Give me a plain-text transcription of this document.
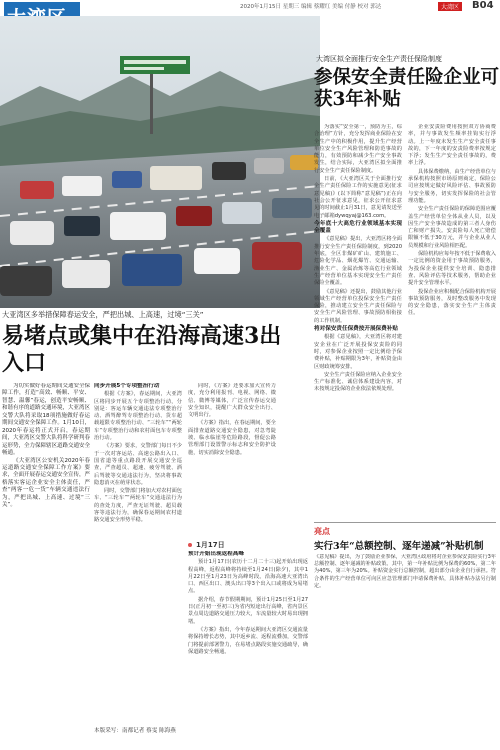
2020年1月15日 星期三 编辑 蔡耀红 美编 付静 校对 郭达	大湾区	B04
大湾区拟全面推行安全生产责任保险制度
参保安全责任险企业可获3年补贴

为落实“安全第一，预防为主，综合治理”方针，充分发挥商业保险在安全生产中的积极作用，提升生产经营单位安全生产风险管理和防范事故的能力，有效预防和减少生产安全事故发生，结合实际，大亚湾区拟全面推行安全生产责任保险制度。

日前，《大亚湾区关于全面推行安全生产责任保险工作的实施意见(征求意见稿)》(以下简称“意见稿”)正在向社会公开征求意见，征求公开征求意见的时间截止1月31日，意见请发送至电子邮箱dywqyaj@163.com。

今年底十大高危行业领域基本实现全覆盖

《意见稿》提出，大亚湾区将全面推行安全生产责任保险制度，到2020年底，全区非煤矿矿山、建筑施工、危险化学品、烟花爆竹、交通运输、渔业生产、金属冶炼等高危行业领域生产经营单位基本实现安全生产责任保险全覆盖。

《意见稿》还提出，鼓励其他行业领域生产经营单位投保安全生产责任保险，推动建立安全生产责任保险与安全生产风险管理、事故预防相衔接的工作机制。

将对保安责任保费按开展保费补贴

根据《意见稿》，大亚湾区将对建安企业在广泛开展投保安责险的同时，对参保企业按照一定比例给予保费补贴，补贴期限为3年，补贴资金由区财政统筹安排。

安全生产责任保险应纳入企业安全生产标准化、诚信体系建设内容，对未按规定投保的企业依法依规处理。

企业安责险费用按照双方协商费率，并与事故发生频率挂钩实行浮动。上一年度未发生生产安全责任事故的，下一年度的安责险费率按规定下浮；发生生产安全责任事故的，费率上浮。

具体保费缴纳，由生产经营单位与承保机构按照市场原则商定，保险公司应按规定做好风险评估、事故预防与安全服务，切实发挥保险的社会管理功能。

安全生产责任保险的保障范围应覆盖生产经营单位全体从业人员，以及因生产安全事故造成的第三者人身伤亡和财产损失。安责险每人死亡赔偿限额不低于30万元，并与企业从业人员规模和行业风险相匹配。

保险机构应每年按不低于保费收入一定比例的资金用于事故预防服务，为投保企业提供安全培训、隐患排查、风险评估等技术服务，帮助企业提升安全管理水平。

投保企业应积极配合保险机构开展事故预防服务，及时整改服务中发现的安全隐患，落实安全生产主体责任。

亮点
实行3年“总额控制、逐年递减”补贴机制
《意见稿》提出，为了鼓励企业参保，大亚湾区政府将对企业参保安责险实行3年总额控制、逐年递减的补贴政策。其中，第一年补贴比例为保费的60%，第二年为40%，第三年为20%。补贴资金实行总额控制，超出部分由企业自行承担。符合条件的生产经营单位可向区应急管理部门申请保费补贴，具体补贴办法另行制定。
大亚湾区多举措保障春运安全，严把出城、上高速，过境“三关”
易堵点或集中在沿海高速3出入口

为切实做好春运期间交通安全保障工作，打造“高效、畅顺、平安、智慧、温馨”春运，创造平安畅顺、和谐有序的道路交通环境，大亚湾区交警大队将采取18项措施做好春运期间交通安全保障工作。1月10日，2020年春运将正式开启，春运期间，大亚湾区交警大队将科学研判春运形势，全力保障辖区道路交通安全畅通。

《大亚湾区公安机关2020年春运道路交通安全保障工作方案》要求，全面开展春运交通安全宣传，严格落实客运企业安全主体责任，严查“两客一危一货”车辆交通违法行为，严把出城、上高速、过境“三关”。

同步开展5个专项整治行动

根据《方案》，春运期间，大亚湾区将同步开展五个专项整治行动，分别是：客运车辆交通违法专项整治行动、酒驾醉驾专项整治行动、货车超载超限专项整治行动、“三轮车”“两轮车”专项整治行动和农村面包车专项整治行动。

《方案》要求，交警部门每日不少于一次对客运站、高速公路出入口、国省道等重点路段开展交通安全巡查，严查超员、超速、疲劳驾驶、酒后驾驶等交通违法行为，坚决将事故隐患消灭在萌芽状态。

同时，交警部门将加大对农村面包车、“三轮车”“两轮车”交通违法行为的查处力度，严查无证驾驶、超员载客等违法行为，确保春运期间农村道路交通安全形势平稳。

同时，《方案》还要求加大宣传力度，充分利用报刊、电视、网络、微信、微博等媒体，广泛宣传春运交通安全知识，提醒广大群众安全出行、文明出行。

《方案》指出，在春运期间，要全面排查道路交通安全隐患，对急弯陡坡、临水临崖等危险路段，督促公路管理部门设置警示标志和安全防护设施，切实消除安全隐患。

1月17日

预计开始出现返程高峰

预计1月17日(农历十二月二十三)起开始出现返程高峰，返程高峰将持续至1月24日(除夕)，其中1月22日至1月23日为高峰时段。沿海高速大亚湾出口、西区出口、澳头出口等3个出入口或将成为易堵点。

据介绍，春节假期期间，预计1月25日至1月27日(正月初一至初三)为省内短途出行高峰，省内景区景点周边道路交通压力较大，车流量较大时易出现拥堵。

《方案》指出，今年春运期间大亚湾区交通流量将保持增长态势，其中返乡流、返程流叠加，交警部门将提前部署警力，在易堵点路段实施交通疏导，确保道路安全畅通。

本版采写：南都记者 蔡雯 陈海燕
